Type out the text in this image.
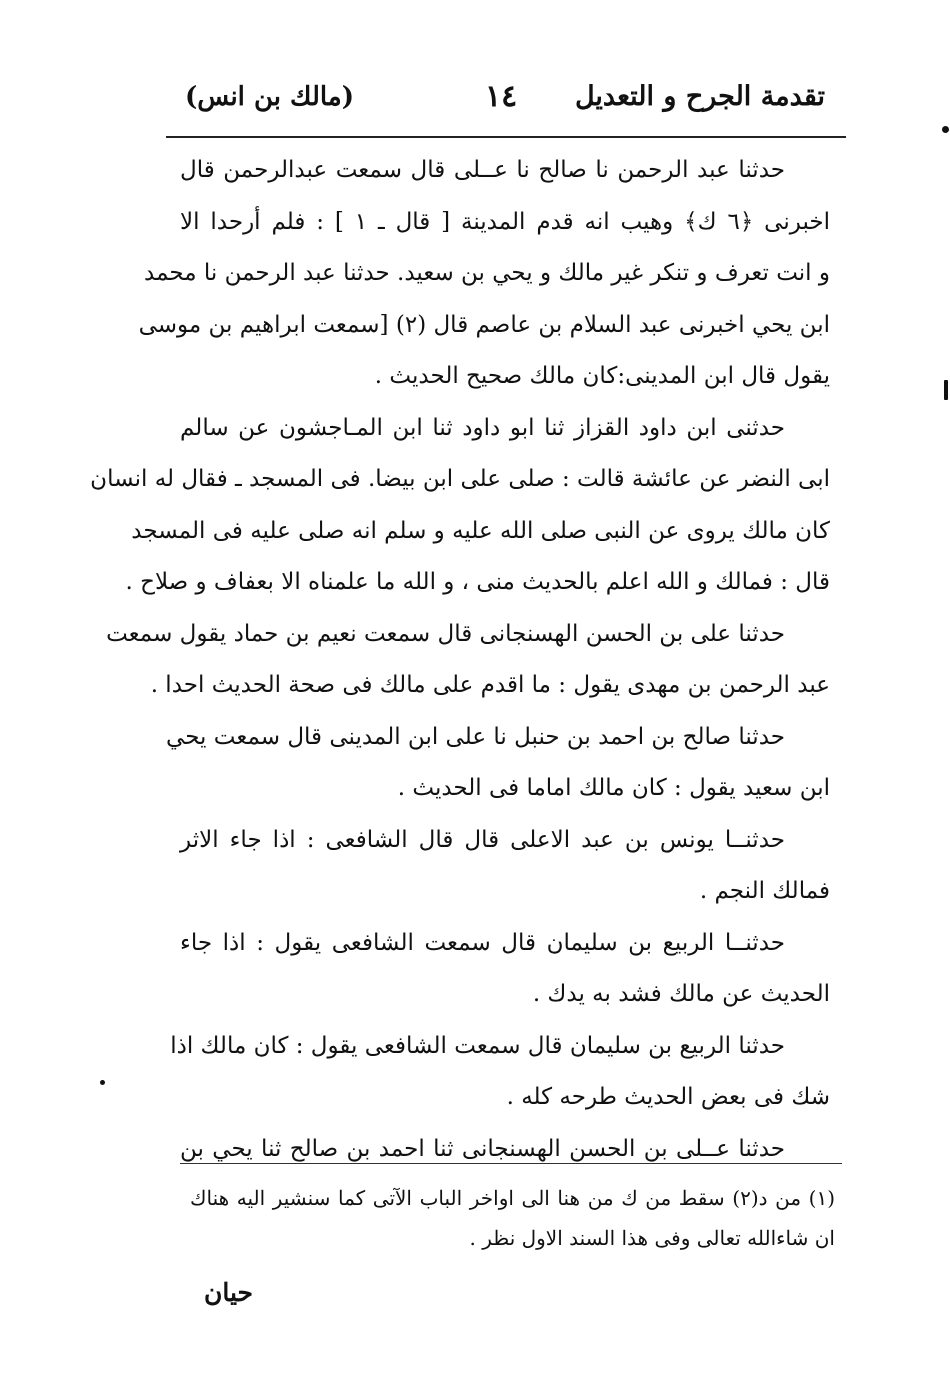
تقدمة الجرح و التعديل
١٤
(مالك بن انس)
حدثنا عبد الرحمن نا صالح نا عــلى قال سمعت عبدالرحمن قال
اخبرنى ﴿٦ ك﴾ وهيب انه قدم المدينة [ قال ـ ١ ] : فلم أرحدا الا
و انت تعرف و تنكر غير مالك و يحي بن سعيد. حدثنا عبد الرحمن نا محمد
ابن يحي اخبرنى عبد السلام بن عاصم قال (٢) [سمعت ابراهيم بن موسى
يقول قال ابن المدينى:كان مالك صحيح الحديث .
حدثنى ابن داود القزاز ثنا ابو داود ثنا ابن المـاجشون عن سالم
ابى النضر عن عائشة قالت : صلى على ابن بيضا. فى المسجد ـ فقال له انسان
كان مالك يروى عن النبى صلى الله عليه و سلم انه صلى عليه فى المسجد
قال : فمالك و الله اعلم بالحديث منى ، و الله ما علمناه الا بعفاف و صلاح .
حدثنا على بن الحسن الهسنجانى قال سمعت نعيم بن حماد يقول سمعت
عبد الرحمن بن مهدى يقول : ما اقدم على مالك فى صحة الحديث احدا .
حدثنا صالح بن احمد بن حنبل نا على ابن المدينى قال سمعت يحي
ابن سعيد يقول : كان مالك اماما فى الحديث .
حدثنــا يونس بن عبد الاعلى قال قال الشافعى : اذا جاء الاثر
فمالك النجم .
حدثنــا الربيع بن سليمان قال سمعت الشافعى يقول : اذا جاء
الحديث عن مالك فشد به يدك .
حدثنا الربيع بن سليمان قال سمعت الشافعى يقول : كان مالك اذا
شك فى بعض الحديث طرحه كله .
حدثنا عــلى بن الحسن الهسنجانى ثنا احمد بن صالح ثنا يحي بن
(١) من د(٢) سقط من ك من هنا الى اواخر الباب الآتى كما سنشير اليه هناك
ان شاءالله تعالى وفى هذا السند الاول نظر .
حيان
